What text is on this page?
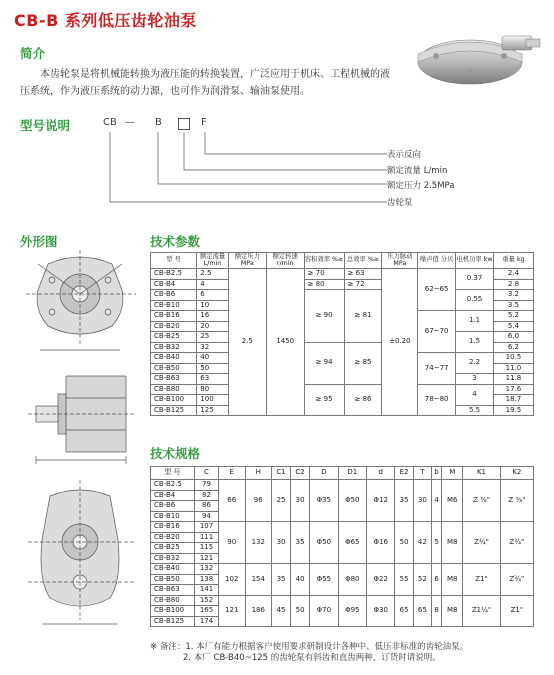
CB-B 系列低压齿轮油泵
简介

本齿轮泵是将机械能转换为液压能的转换装置，广泛应用于机床、工程机械的液压系统，作为液压系统的动力源，也可作为润滑泵、输油泵使用。

型号说明	CB — B	F
表示反向
额定流量 L/min
额定压力 2.5MPa
齿轮泵
外形图	技术参数
型 号	额定流量 L/min	额定压力 MPa	额定转速 r/min	容积效率 %≥	总效率 %≥	压力脉动 MPa	噪声值 分贝	电机功率 kw	重量 kg
CB-B2.5	2.5	2.5	1450	≥ 70	≥ 63	±0.20	62~65	0.37	2.4
CB-B4	4			≥ 80	≥ 72				2.8
CB-B6	6			≥ 90	≥ 81			0.55	3.2
CB-B10	10								3.5
CB-B16	16						67~70	1.1	5.2
CB-B20	20								5.4
CB-B25	25							1.5	6.0
CB-B32	32			≥ 94	≥ 85				6.2
CB-B40	40						74~77	2.2	10.5
CB-B50	50								11.0
CB-B63	63							3	11.8
CB-B80	80			≥ 95	≥ 86		78~80	4	17.6
CB-B100	100								18.7
CB-B125	125							5.5	19.5
技术规格
型 号	C	E	H	C1	C2	D	D1	d	E2	T	b	M	K1	K2
CB-B2.5	79	66	96	25	30	Φ35	Φ50	Φ12	35	30	4	M6	Z ⅜"	Z ⅜"
CB-B4	82													
CB-B6	86													
CB-B10	94													
CB-B16	107	90	132	30	35	Φ50	Φ65	Φ16	50	42	5	M8	Z¾"	Z¾"
CB-B20	111													
CB-B25	115													
CB-B32	121													
CB-B40	132	102	154	35	40	Φ55	Φ80	Φ22	55	52	6	M8	Z1"	Z¾"
CB-B50	138													
CB-B63	141													
CB-B80	152	121	186	45	50	Φ70	Φ95	Φ30	65	65	8	M8	Z1¼"	Z1"
CB-B100	165													
CB-B125	174													
※ 备注：1. 本厂有能力根据客户使用要求研制设计各种中、低压非标准的齿轮油泵。
2. 本厂 CB-B40~125 的齿轮泵有斜齿和直齿两种，订货时请说明。
